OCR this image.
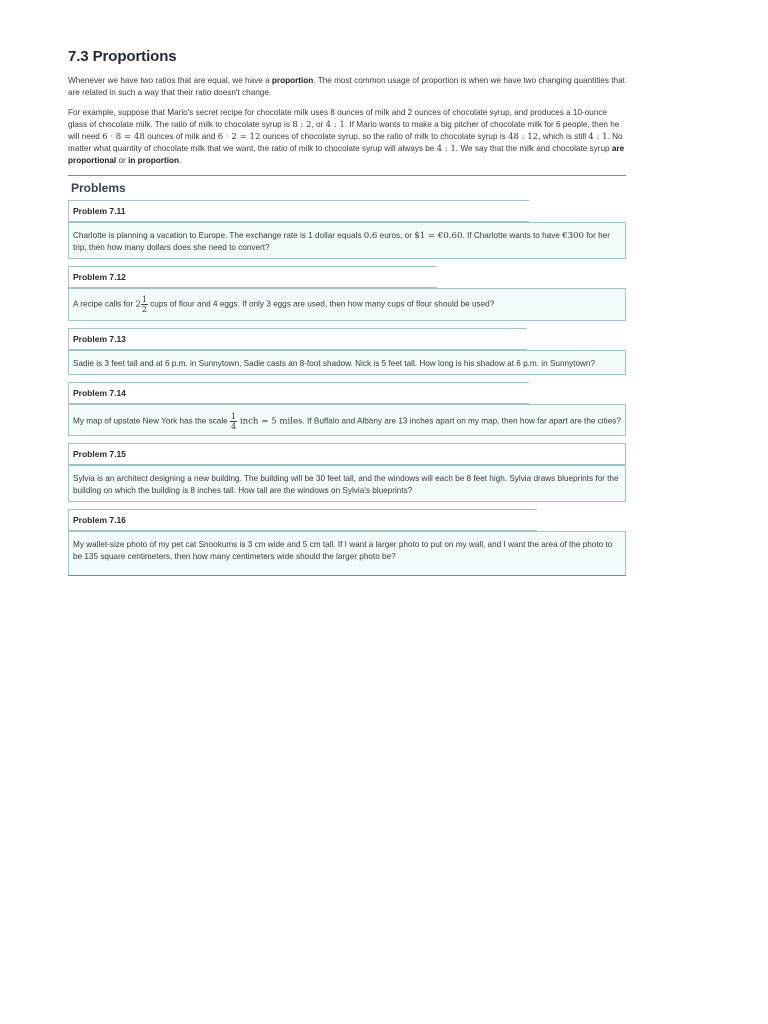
7.3 Proportions

Whenever we have two ratios that are equal, we have a proportion. The most common usage of proportion is when we have two changing quantities that are related in such a way that their ratio doesn't change.

For example, suppose that Mario's secret recipe for chocolate milk uses 8 ounces of milk and 2 ounces of chocolate syrup, and produces a 10-ounce glass of chocolate milk. The ratio of milk to chocolate syrup is 8 : 2, or 4 : 1. If Mario wants to make a big pitcher of chocolate milk for 6 people, then he will need 6 · 8 = 48 ounces of milk and 6 · 2 = 12 ounces of chocolate syrup, so the ratio of milk to chocolate syrup is 48 : 12, which is still 4 : 1. No matter what quantity of chocolate milk that we want, the ratio of milk to chocolate syrup will always be 4 : 1. We say that the milk and chocolate syrup are proportional or in proportion.

Problems
Problem 7.11
Charlotte is planning a vacation to Europe. The exchange rate is 1 dollar equals 0.6 euros, or $1 = €0.60. If Charlotte wants to have €300 for her trip, then how many dollars does she need to convert?
Problem 7.12
A recipe calls for $2 \frac{1}{2}$ cups of flour and 4 eggs. If only 3 eggs are used, then how many cups of flour should be used?
Problem 7.13
Sadie is 3 feet tall and at 6 p.m. in Sunnytown, Sadie casts an 8-foot shadow. Nick is 5 feet tall. How long is his shadow at 6 p.m. in Sunnytown?
Problem 7.14
My map of upstate New York has the scale $\frac{1}{4}$ inch = 5 miles. If Buffalo and Albany are 13 inches apart on my map, then how far apart are the cities?
Problem 7.15
Sylvia is an architect designing a new building. The building will be 30 feet tall, and the windows will each be 8 feet high. Sylvia draws blueprints for the building on which the building is 8 inches tall. How tall are the windows on Sylvia's blueprints?
Problem 7.16
My wallet-size photo of my pet cat Snookums is 3 cm wide and 5 cm tall. If I want a larger photo to put on my wall, and I want the area of the photo to be 135 square centimeters, then how many centimeters wide should the larger photo be?
